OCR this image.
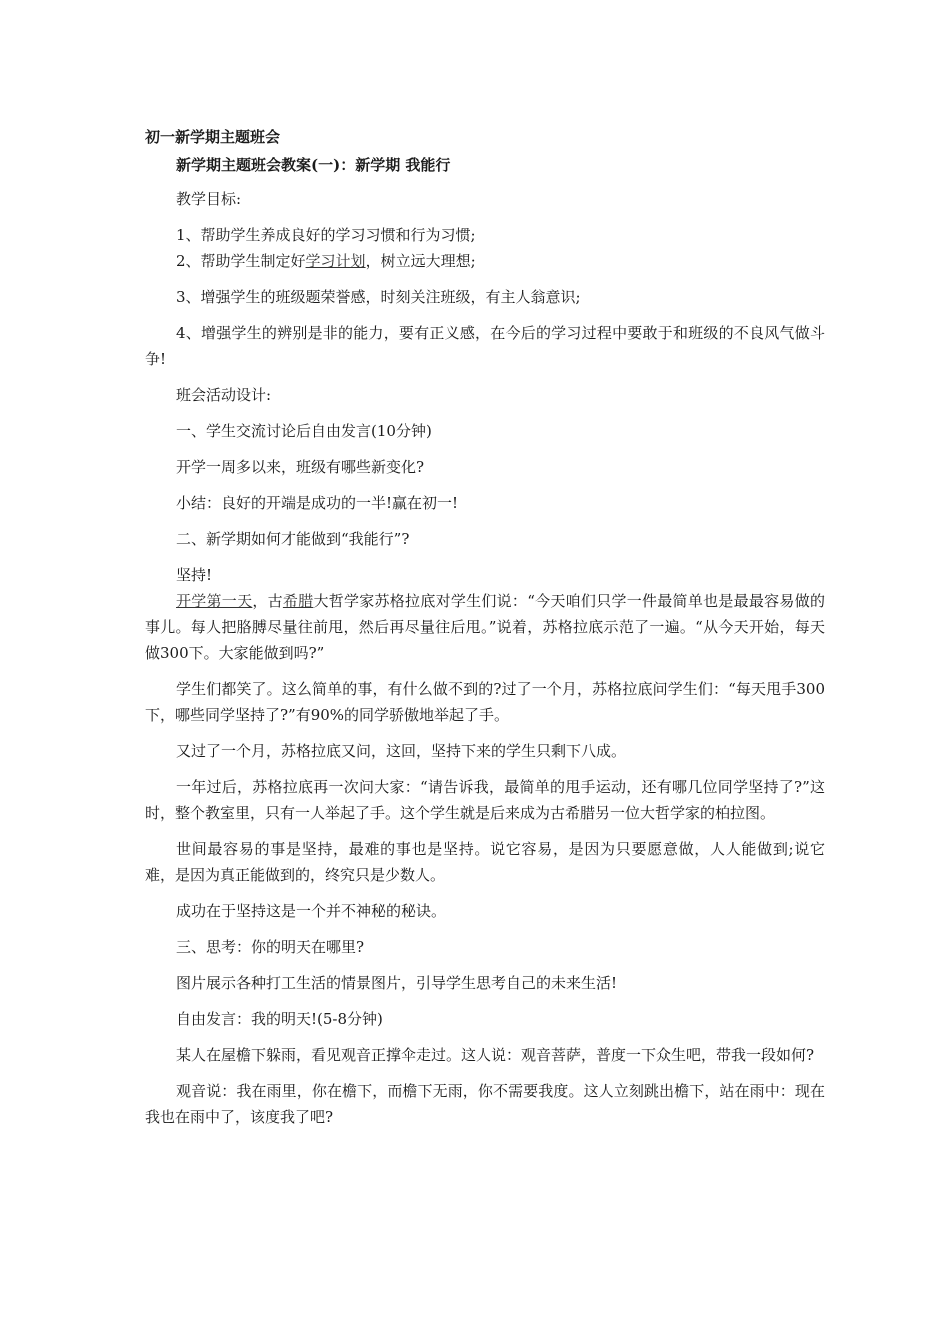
初一新学期主题班会
新学期主题班会教案(一)：新学期 我能行
教学目标:
1、帮助学生养成良好的学习习惯和行为习惯;
2、帮助学生制定好学习计划，树立远大理想;
3、增强学生的班级题荣誉感，时刻关注班级，有主人翁意识;
4、增强学生的辨别是非的能力，要有正义感，在今后的学习过程中要敢于和班级的不良风气做斗争!
班会活动设计:
一、学生交流讨论后自由发言(10分钟)
开学一周多以来，班级有哪些新变化?
小结：良好的开端是成功的一半!赢在初一!
二、新学期如何才能做到“我能行”?
坚持!
开学第一天，古希腊大哲学家苏格拉底对学生们说：“今天咱们只学一件最简单也是最最容易做的事儿。每人把胳膊尽量往前甩，然后再尽量往后甩。”说着，苏格拉底示范了一遍。“从今天开始，每天做300下。大家能做到吗?”
学生们都笑了。这么简单的事，有什么做不到的?过了一个月，苏格拉底问学生们：“每天甩手300下，哪些同学坚持了?”有90%的同学骄傲地举起了手。
又过了一个月，苏格拉底又问，这回，坚持下来的学生只剩下八成。
一年过后，苏格拉底再一次问大家：“请告诉我，最简单的甩手运动，还有哪几位同学坚持了?”这时，整个教室里，只有一人举起了手。这个学生就是后来成为古希腊另一位大哲学家的柏拉图。
世间最容易的事是坚持，最难的事也是坚持。说它容易，是因为只要愿意做，人人能做到;说它难，是因为真正能做到的，终究只是少数人。
成功在于坚持这是一个并不神秘的秘诀。
三、思考：你的明天在哪里?
图片展示各种打工生活的情景图片，引导学生思考自己的未来生活!
自由发言：我的明天!(5-8分钟)
某人在屋檐下躲雨，看见观音正撑伞走过。这人说：观音菩萨，普度一下众生吧，带我一段如何?
观音说：我在雨里，你在檐下，而檐下无雨，你不需要我度。这人立刻跳出檐下，站在雨中：现在我也在雨中了，该度我了吧?
